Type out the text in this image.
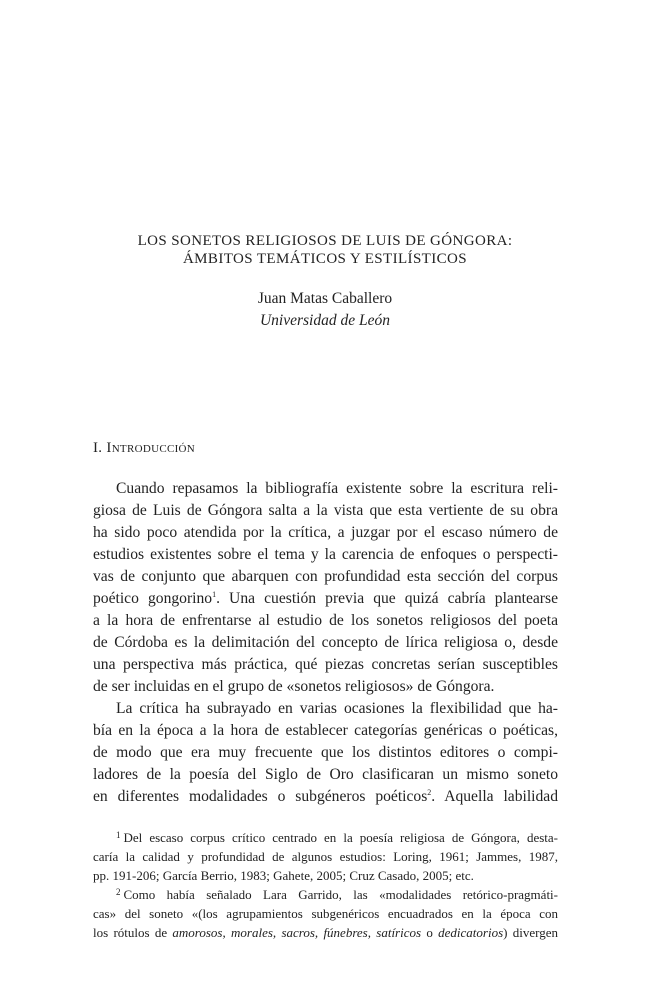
LOS SONETOS RELIGIOSOS DE LUIS DE GÓNGORA:
ÁMBITOS TEMÁTICOS Y ESTILÍSTICOS
Juan Matas Caballero
Universidad de León
I. Introducción
Cuando repasamos la bibliografía existente sobre la escritura reli-
giosa de Luis de Góngora salta a la vista que esta vertiente de su obra
ha sido poco atendida por la crítica, a juzgar por el escaso número de
estudios existentes sobre el tema y la carencia de enfoques o perspecti-
vas de conjunto que abarquen con profundidad esta sección del corpus
poético gongorino$^1$. Una cuestión previa que quizá cabría plantearse
a la hora de enfrentarse al estudio de los sonetos religiosos del poeta
de Córdoba es la delimitación del concepto de lírica religiosa o, desde
una perspectiva más práctica, qué piezas concretas serían susceptibles
de ser incluidas en el grupo de «sonetos religiosos» de Góngora.
La crítica ha subrayado en varias ocasiones la flexibilidad que ha-
bía en la época a la hora de establecer categorías genéricas o poéticas,
de modo que era muy frecuente que los distintos editores o compi-
ladores de la poesía del Siglo de Oro clasificaran un mismo soneto
en diferentes modalidades o subgéneros poéticos$^2$. Aquella labilidad
$^1$ Del escaso corpus crítico centrado en la poesía religiosa de Góngora, desta-
caría la calidad y profundidad de algunos estudios: Loring, 1961; Jammes, 1987,
pp. 191-206; García Berrio, 1983; Gahete, 2005; Cruz Casado, 2005; etc.
$^2$ Como había señalado Lara Garrido, las «modalidades retórico-pragmáti-
cas» del soneto «(los agrupamientos subgenéricos encuadrados en la época con
los rótulos de amorosos, morales, sacros, fúnebres, satíricos o dedicatorios) divergen
